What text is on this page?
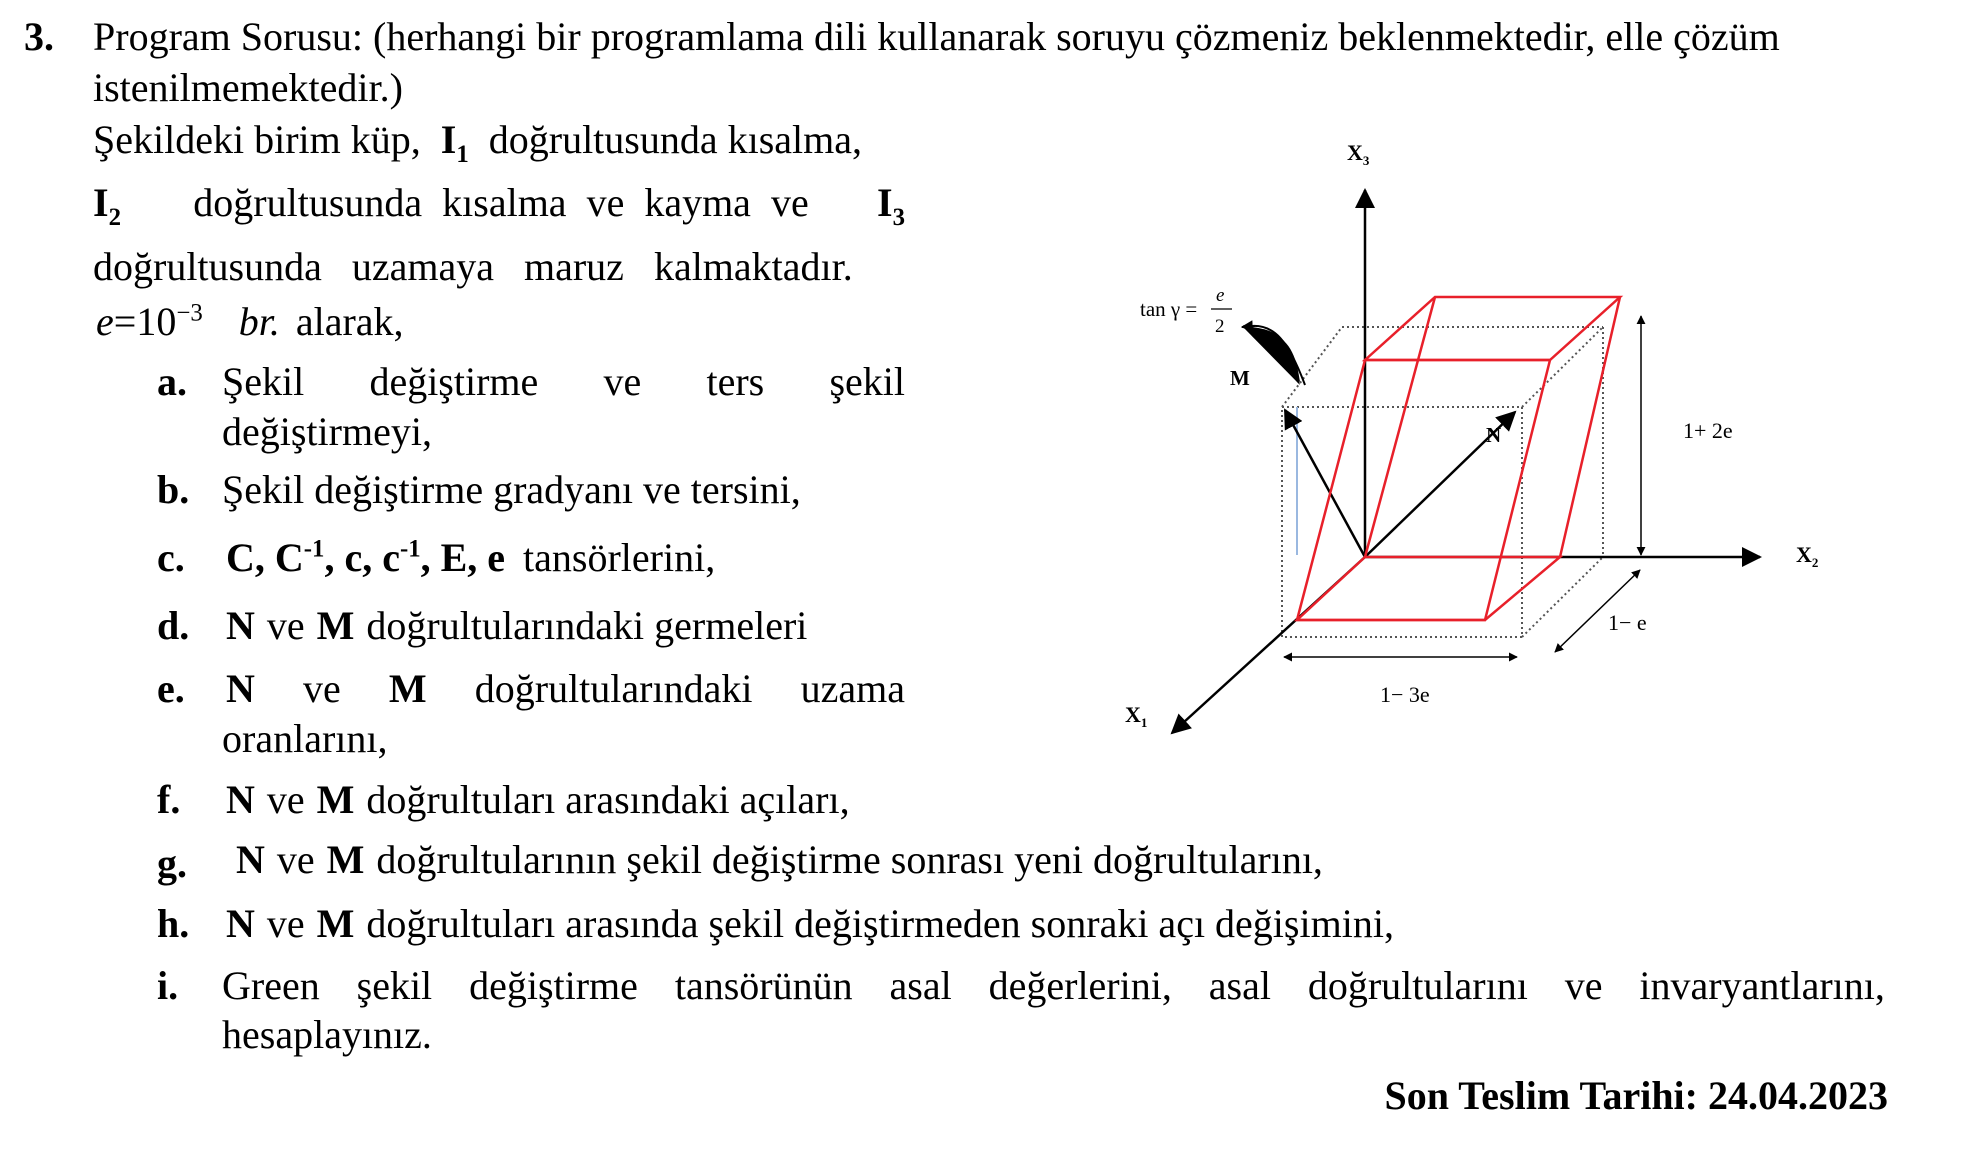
3. Program Sorusu: (herhangi bir programlama dili kullanarak soruyu çözmeniz beklenmektedir, elle çözüm
istenilmemektedir.)
Şekildeki birim küp, $I_1$ doğrultusunda kısalma,
$I_2$ doğrultusunda  kısalma  ve  kayma  ve $I_3$
doğrultusunda   uzamaya   maruz   kalmaktadır.
$e=10^{-3}$ br. alarak,
a. Şekil değiştirme ve ters şekil
değiştirmeyi,
b. Şekil değiştirme gradyanı ve tersini,
c. C, $C^{-1}$, c, $c^{-1}$, E, e tansörlerini,
d. N ve M doğrultularındaki germeleri
e. N ve M doğrultularındaki uzama
oranlarını,
f. N ve M doğrultuları arasındaki açıları,
g. N ve M doğrultularının şekil değiştirme sonrası yeni doğrultularını,
h. N ve M doğrultuları arasında şekil değiştirmeden sonraki açı değişimini,
i. Green şekil değiştirme tansörünün asal değerlerini, asal doğrultularını ve invaryantlarını,
hesaplayınız.
Son Teslim Tarihi: 24.04.2023
$X_3$
$X_2$
$X_1$
M
N
tan γ =
e
2
1+ 2e
1− e
1− 3e
